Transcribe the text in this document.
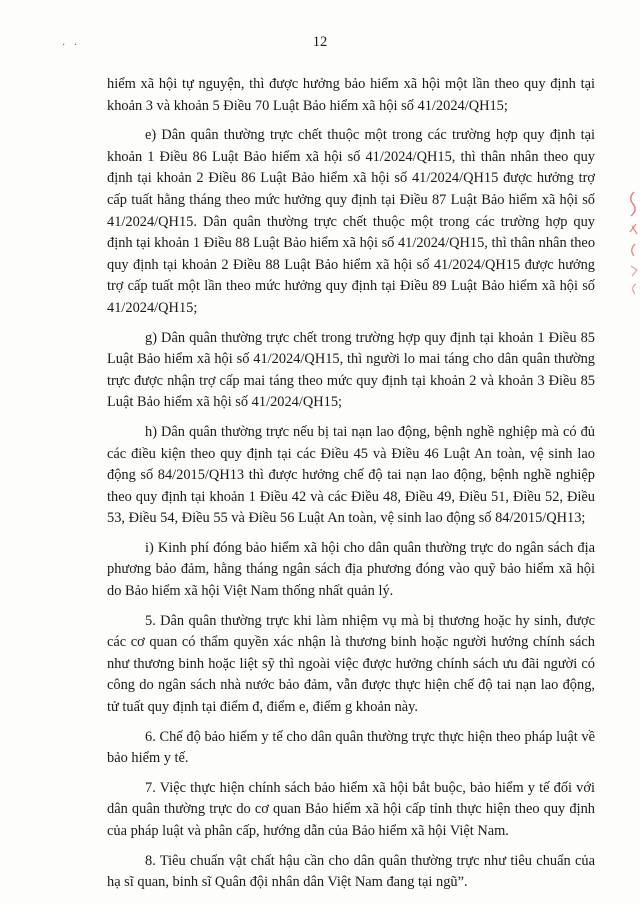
· ·	12

hiểm xã hội tự nguyện, thì được hưởng bảo hiểm xã hội một lần theo quy định tại khoản 3 và khoản 5 Điều 70 Luật Bảo hiểm xã hội số 41/2024/QH15;

e) Dân quân thường trực chết thuộc một trong các trường hợp quy định tại khoản 1 Điều 86 Luật Bảo hiểm xã hội số 41/2024/QH15, thì thân nhân theo quy định tại khoản 2 Điều 86 Luật Bảo hiểm xã hội số 41/2024/QH15 được hưởng trợ cấp tuất hằng tháng theo mức hưởng quy định tại Điều 87 Luật Bảo hiểm xã hội số 41/2024/QH15. Dân quân thường trực chết thuộc một trong các trường hợp quy định tại khoản 1 Điều 88 Luật Bảo hiểm xã hội số 41/2024/QH15, thì thân nhân theo quy định tại khoản 2 Điều 88 Luật Bảo hiểm xã hội số 41/2024/QH15 được hưởng trợ cấp tuất một lần theo mức hưởng quy định tại Điều 89 Luật Bảo hiểm xã hội số 41/2024/QH15;

g) Dân quân thường trực chết trong trường hợp quy định tại khoản 1 Điều 85 Luật Bảo hiểm xã hội số 41/2024/QH15, thì người lo mai táng cho dân quân thường trực được nhận trợ cấp mai táng theo mức quy định tại khoản 2 và khoản 3 Điều 85 Luật Bảo hiểm xã hội số 41/2024/QH15;

h) Dân quân thường trực nếu bị tai nạn lao động, bệnh nghề nghiệp mà có đủ các điều kiện theo quy định tại các Điều 45 và Điều 46 Luật An toàn, vệ sinh lao động số 84/2015/QH13 thì được hưởng chế độ tai nạn lao động, bệnh nghề nghiệp theo quy định tại khoản 1 Điều 42 và các Điều 48, Điều 49, Điều 51, Điều 52, Điều 53, Điều 54, Điều 55 và Điều 56 Luật An toàn, vệ sinh lao động số 84/2015/QH13;

i) Kinh phí đóng bảo hiểm xã hội cho dân quân thường trực do ngân sách địa phương bảo đảm, hằng tháng ngân sách địa phương đóng vào quỹ bảo hiểm xã hội do Bảo hiểm xã hội Việt Nam thống nhất quản lý.

5. Dân quân thường trực khi làm nhiệm vụ mà bị thương hoặc hy sinh, được các cơ quan có thẩm quyền xác nhận là thương binh hoặc người hưởng chính sách như thương binh hoặc liệt sỹ thì ngoài việc được hưởng chính sách ưu đãi người có công do ngân sách nhà nước bảo đảm, vẫn được thực hiện chế độ tai nạn lao động, tử tuất quy định tại điểm đ, điểm e, điểm g khoản này.

6. Chế độ bảo hiểm y tế cho dân quân thường trực thực hiện theo pháp luật về bảo hiểm y tế.

7. Việc thực hiện chính sách bảo hiểm xã hội bắt buộc, bảo hiểm y tế đối với dân quân thường trực do cơ quan Bảo hiểm xã hội cấp tỉnh thực hiện theo quy định của pháp luật và phân cấp, hướng dẫn của Bảo hiểm xã hội Việt Nam.

8. Tiêu chuẩn vật chất hậu cần cho dân quân thường trực như tiêu chuẩn của hạ sĩ quan, binh sĩ Quân đội nhân dân Việt Nam đang tại ngũ”.
